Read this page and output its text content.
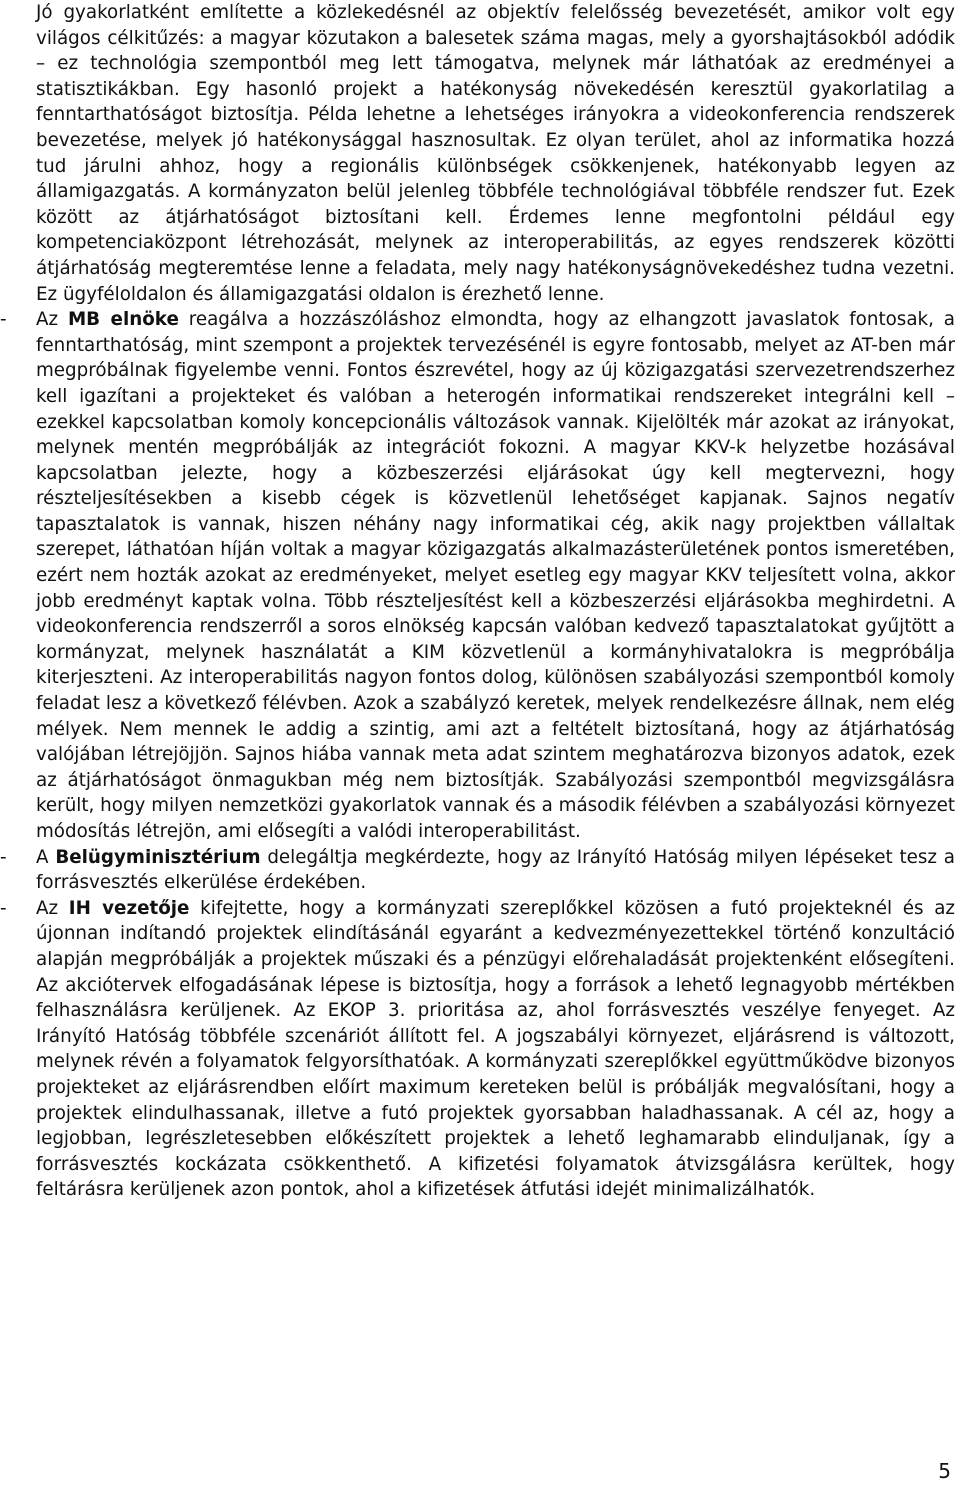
Jó gyakorlatként említette a közlekedésnél az objektív felelősség bevezetését, amikor volt egy világos célkitűzés: a magyar közutakon a balesetek száma magas, mely a gyorshajtásokból adódik – ez technológia szempontból meg lett támogatva, melynek már láthatóak az eredményei a statisztikákban. Egy hasonló projekt a hatékonyság növekedésén keresztül gyakorlatilag a fenntarthatóságot biztosítja. Példa lehetne a lehetséges irányokra a videokonferencia rendszerek bevezetése, melyek jó hatékonysággal hasznosultak. Ez olyan terület, ahol az informatika hozzá tud járulni ahhoz, hogy a regionális különbségek csökkenjenek, hatékonyabb legyen az államigazgatás. A kormányzaton belül jelenleg többféle technológiával többféle rendszer fut. Ezek között az átjárhatóságot biztosítani kell. Érdemes lenne megfontolni például egy kompetenciaközpont létrehozását, melynek az interoperabilitás, az egyes rendszerek közötti átjárhatóság megteremtése lenne a feladata, mely nagy hatékonyságnövekedéshez tudna vezetni. Ez ügyféloldalon és államigazgatási oldalon is érezhető lenne.

-	Az MB elnöke reagálva a hozzászóláshoz elmondta, hogy az elhangzott javaslatok fontosak, a fenntarthatóság, mint szempont a projektek tervezésénél is egyre fontosabb, melyet az AT-ben már megpróbálnak figyelembe venni. Fontos észrevétel, hogy az új közigazgatási szervezetrendszerhez kell igazítani a projekteket és valóban a heterogén informatikai rendszereket integrálni kell – ezekkel kapcsolatban komoly koncepcionális változások vannak. Kijelölték már azokat az irányokat, melynek mentén megpróbálják az integrációt fokozni. A magyar KKV-k helyzetbe hozásával kapcsolatban jelezte, hogy a közbeszerzési eljárásokat úgy kell megtervezni, hogy részteljesítésekben a kisebb cégek is közvetlenül lehetőséget kapjanak. Sajnos negatív tapasztalatok is vannak, hiszen néhány nagy informatikai cég, akik nagy projektben vállaltak szerepet, láthatóan híján voltak a magyar közigazgatás alkalmazásterületének pontos ismeretében, ezért nem hozták azokat az eredményeket, melyet esetleg egy magyar KKV teljesített volna, akkor jobb eredményt kaptak volna. Több részteljesítést kell a közbeszerzési eljárásokba meghirdetni. A videokonferencia rendszerről a soros elnökség kapcsán valóban kedvező tapasztalatokat gyűjtött a kormányzat, melynek használatát a KIM közvetlenül a kormányhivatalokra is megpróbálja kiterjeszteni. Az interoperabilitás nagyon fontos dolog, különösen szabályozási szempontból komoly feladat lesz a következő félévben. Azok a szabályzó keretek, melyek rendelkezésre állnak, nem elég mélyek. Nem mennek le addig a szintig, ami azt a feltételt biztosítaná, hogy az átjárhatóság valójában létrejöjjön. Sajnos hiába vannak meta adat szintem meghatározva bizonyos adatok, ezek az átjárhatóságot önmagukban még nem biztosítják. Szabályozási szempontból megvizsgálásra került, hogy milyen nemzetközi gyakorlatok vannak és a második félévben a szabályozási környezet módosítás létrejön, ami elősegíti a valódi interoperabilitást.

-	A Belügyminisztérium delegáltja megkérdezte, hogy az Irányító Hatóság milyen lépéseket tesz a forrásvesztés elkerülése érdekében.

-	Az IH vezetője kifejtette, hogy a kormányzati szereplőkkel közösen a futó projekteknél és az újonnan indítandó projektek elindításánál egyaránt a kedvezményezettekkel történő konzultáció alapján megpróbálják a projektek műszaki és a pénzügyi előrehaladását projektenként elősegíteni. Az akciótervek elfogadásának lépese is biztosítja, hogy a források a lehető legnagyobb mértékben felhasználásra kerüljenek. Az EKOP 3. prioritása az, ahol forrásvesztés veszélye fenyeget. Az Irányító Hatóság többféle szcenáriót állított fel. A jogszabályi környezet, eljárásrend is változott, melynek révén a folyamatok felgyorsíthatóak. A kormányzati szereplőkkel együttműködve bizonyos projekteket az eljárásrendben előírt maximum kereteken belül is próbálják megvalósítani, hogy a projektek elindulhassanak, illetve a futó projektek gyorsabban haladhassanak. A cél az, hogy a legjobban, legrészletesebben előkészített projektek a lehető leghamarabb elinduljanak, így a forrásvesztés kockázata csökkenthető. A kifizetési folyamatok átvizsgálásra kerültek, hogy feltárásra kerüljenek azon pontok, ahol a kifizetések átfutási idejét minimalizálhatók.

5
